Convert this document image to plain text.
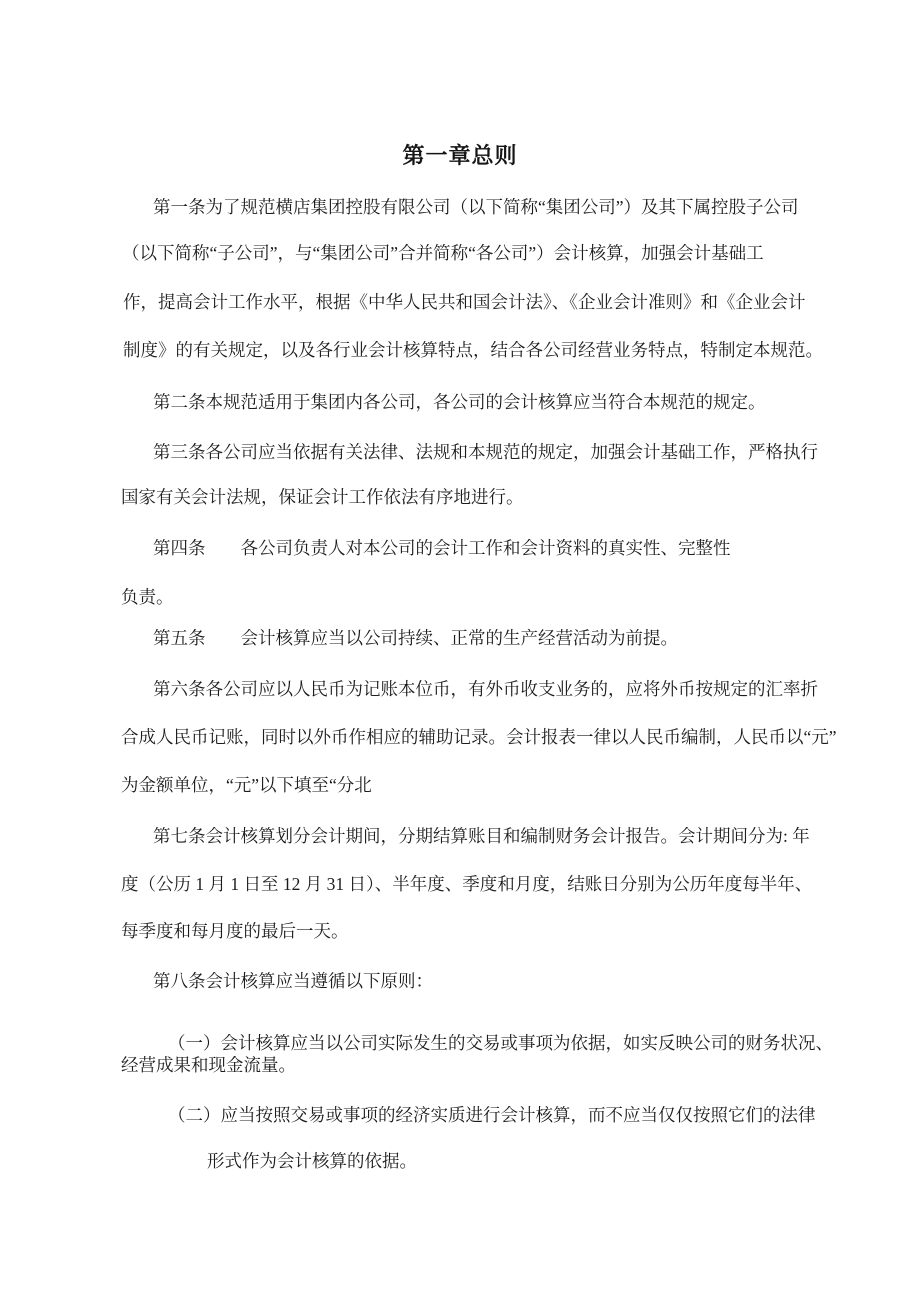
第一章总则
第一条为了规范横店集团控股有限公司（以下简称“集团公司”）及其下属控股子公司
（以下简称“子公司”，与“集团公司”合并简称“各公司”）会计核算，加强会计基础工
作，提高会计工作水平，根据《中华人民共和国会计法》、《企业会计准则》和《企业会计
制度》的有关规定，以及各行业会计核算特点，结合各公司经营业务特点，特制定本规范。
第二条本规范适用于集团内各公司，各公司的会计核算应当符合本规范的规定。
第三条各公司应当依据有关法律、法规和本规范的规定，加强会计基础工作，严格执行
国家有关会计法规，保证会计工作依法有序地进行。
第四条　　各公司负责人对本公司的会计工作和会计资料的真实性、完整性
负责。
第五条　　会计核算应当以公司持续、正常的生产经营活动为前提。
第六条各公司应以人民币为记账本位币，有外币收支业务的，应将外币按规定的汇率折
合成人民币记账，同时以外币作相应的辅助记录。会计报表一律以人民币编制，人民币以“元”
为金额单位，“元”以下填至“分北
第七条会计核算划分会计期间，分期结算账目和编制财务会计报告。会计期间分为: 年
度（公历 1 月 1 日至 12 月 31 日）、半年度、季度和月度，结账日分别为公历年度每半年、
每季度和每月度的最后一天。
第八条会计核算应当遵循以下原则：
（一）会计核算应当以公司实际发生的交易或事项为依据，如实反映公司的财务状况、
经营成果和现金流量。
（二）应当按照交易或事项的经济实质进行会计核算，而不应当仅仅按照它们的法律
形式作为会计核算的依据。
